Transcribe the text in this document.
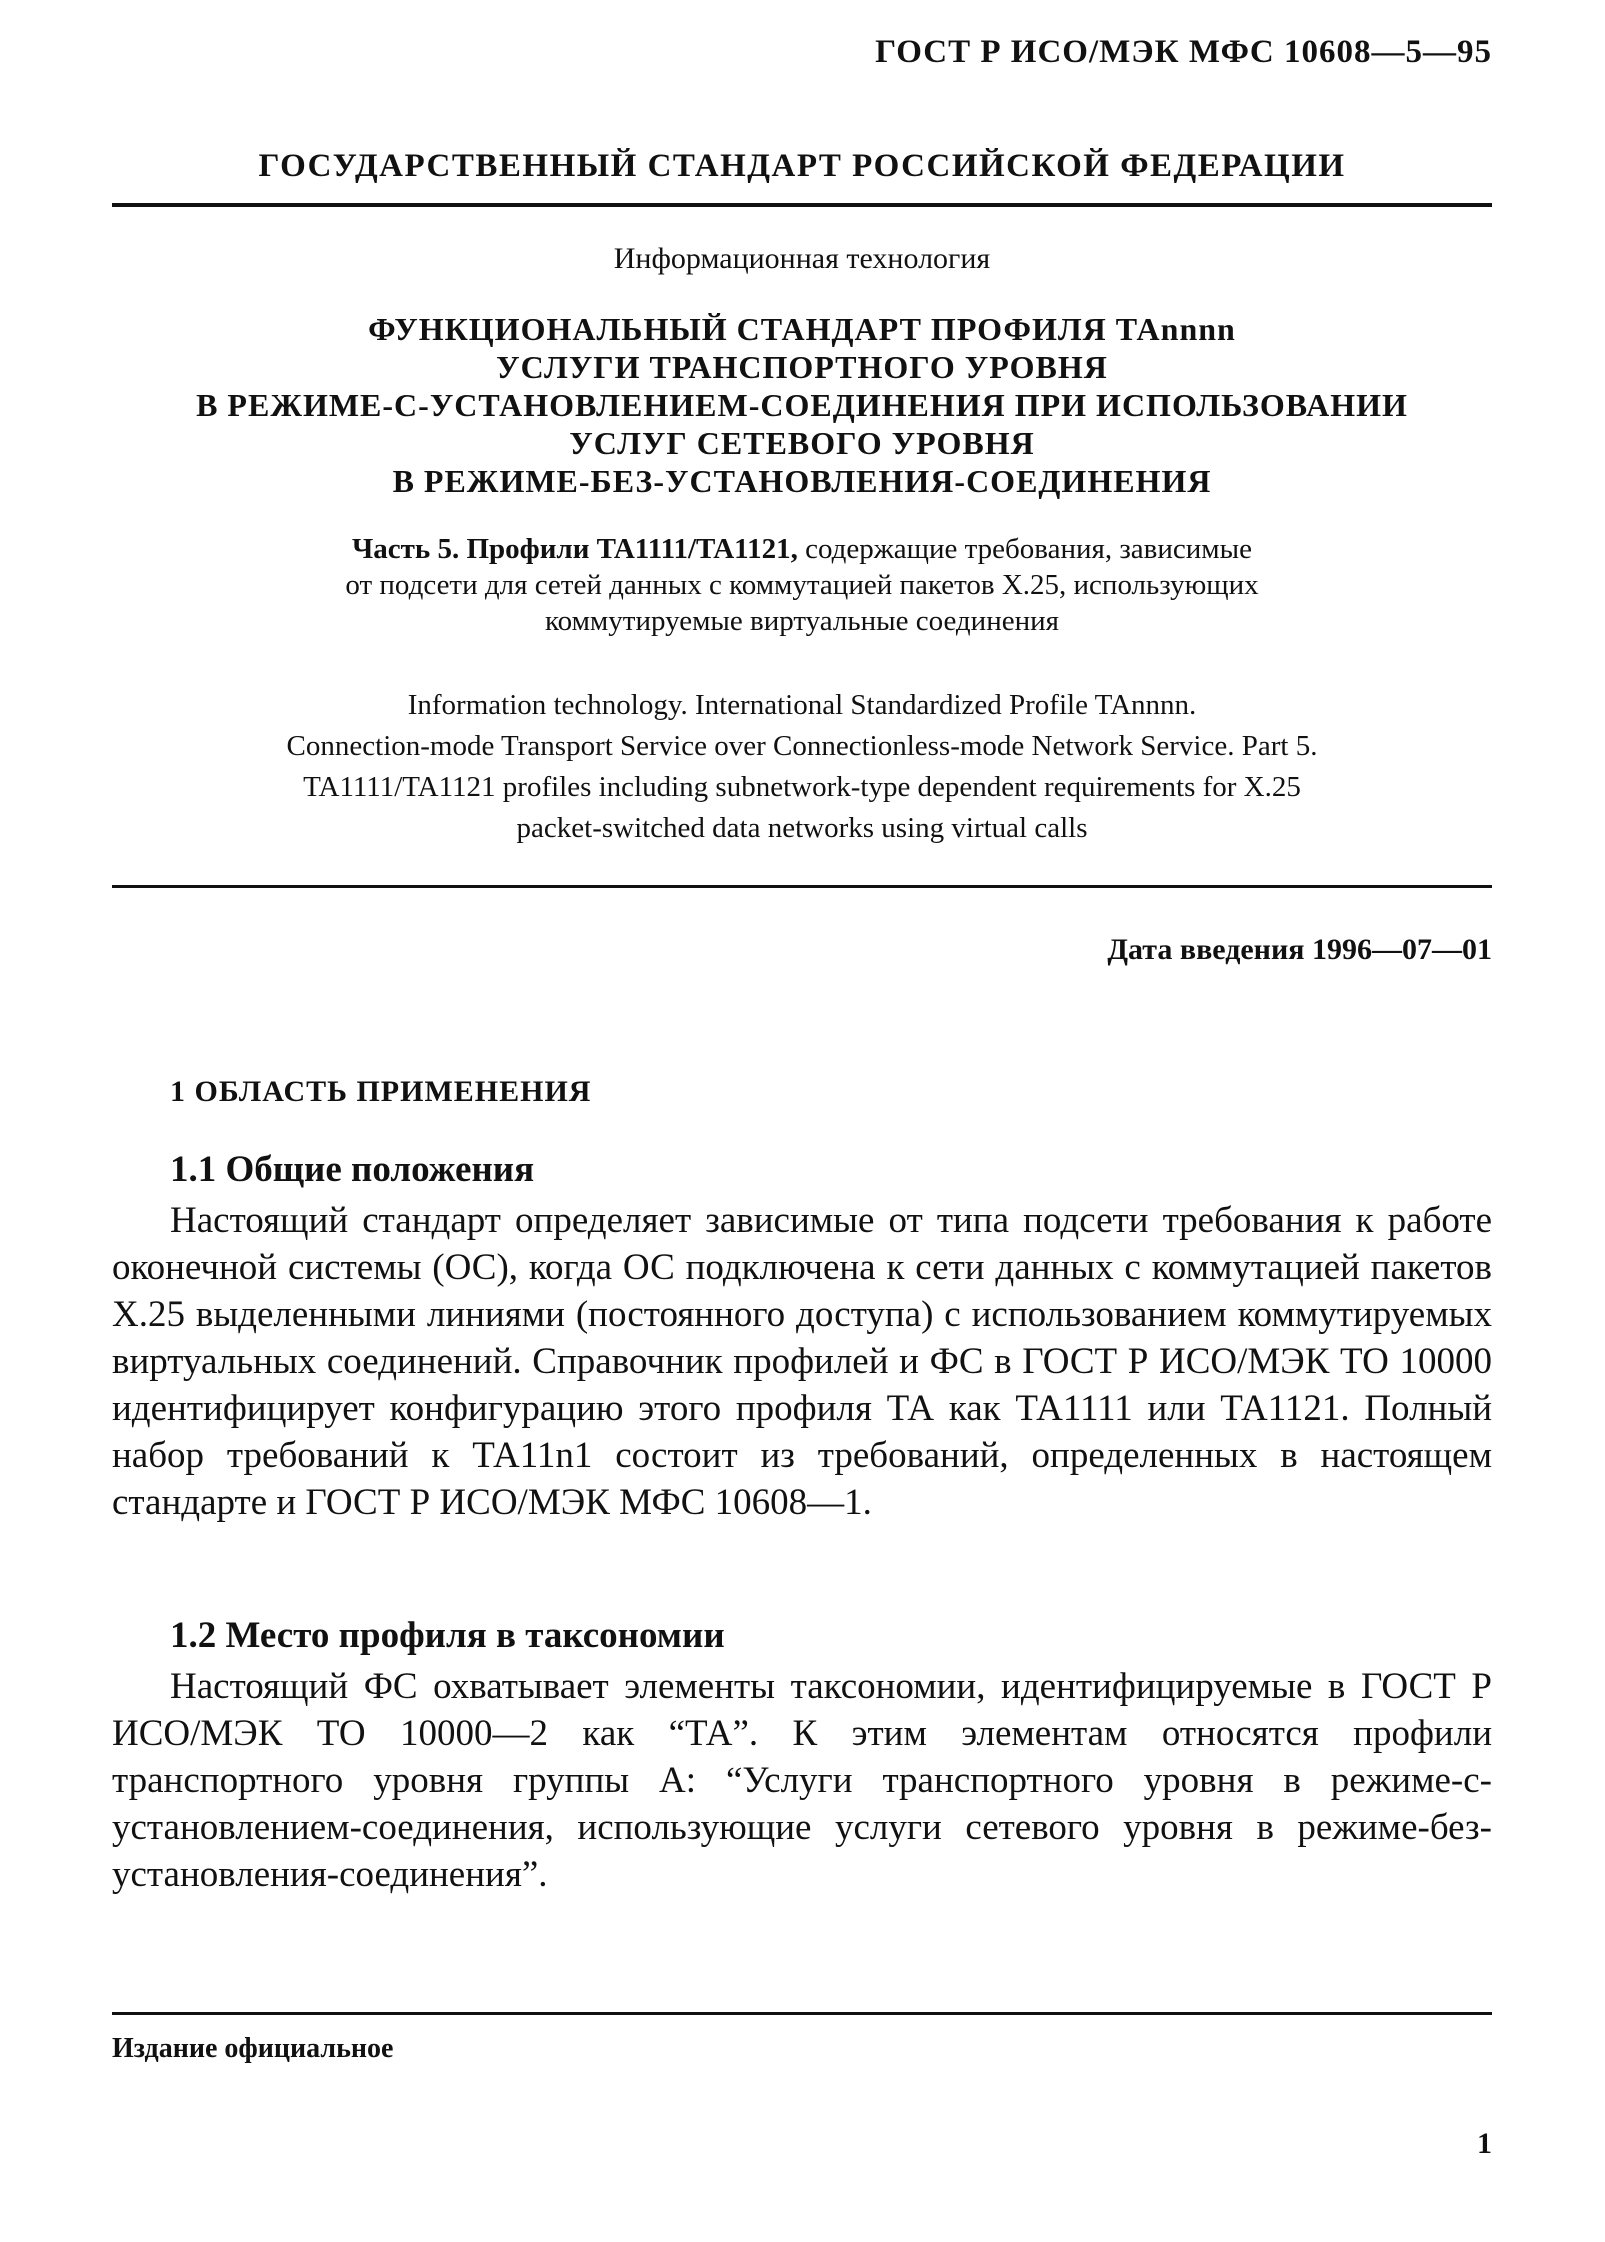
ГОСТ Р ИСО/МЭК МФС 10608—5—95

ГОСУДАРСТВЕННЫЙ СТАНДАРТ РОССИЙСКОЙ ФЕДЕРАЦИИ

Информационная технология

ФУНКЦИОНАЛЬНЫЙ СТАНДАРТ ПРОФИЛЯ ТАnnnn
УСЛУГИ ТРАНСПОРТНОГО УРОВНЯ
В РЕЖИМЕ-С-УСТАНОВЛЕНИЕМ-СОЕДИНЕНИЯ ПРИ ИСПОЛЬЗОВАНИИ
УСЛУГ СЕТЕВОГО УРОВНЯ
В РЕЖИМЕ-БЕЗ-УСТАНОВЛЕНИЯ-СОЕДИНЕНИЯ
Часть 5. Профили TA1111/TA1121, содержащие требования, зависимые
от подсети для сетей данных с коммутацией пакетов X.25, использующих
коммутируемые виртуальные соединения
Information technology. International Standardized Profile TAnnnn.
Connection-mode Transport Service over Connectionless-mode Network Service. Part 5.
TA1111/TA1121 profiles including subnetwork-type dependent requirements for X.25
packet-switched data networks using virtual calls

Дата введения 1996—07—01

1 ОБЛАСТЬ ПРИМЕНЕНИЯ

1.1 Общие положения

Настоящий стандарт определяет зависимые от типа подсети требования к работе оконечной системы (ОС), когда ОС подключена к сети данных с коммутацией пакетов X.25 выделенными линиями (постоянного доступа) с использованием коммутируемых виртуальных соединений. Справочник профилей и ФС в ГОСТ Р ИСО/МЭК ТО 10000 идентифицирует конфигурацию этого профиля ТА как ТА1111 или ТА1121. Полный набор требований к ТА11n1 состоит из требований, определенных в настоящем стандарте и ГОСТ Р ИСО/МЭК МФС 10608—1.

1.2 Место профиля в таксономии

Настоящий ФС охватывает элементы таксономии, идентифицируемые в ГОСТ Р ИСО/МЭК ТО 10000—2 как “ТА”. К этим элементам относятся профили транспортного уровня группы А: “Услуги транспортного уровня в режиме-с-установлением-соединения, использующие услуги сетевого уровня в режиме-без-установления-соединения”.

Издание официальное

1
